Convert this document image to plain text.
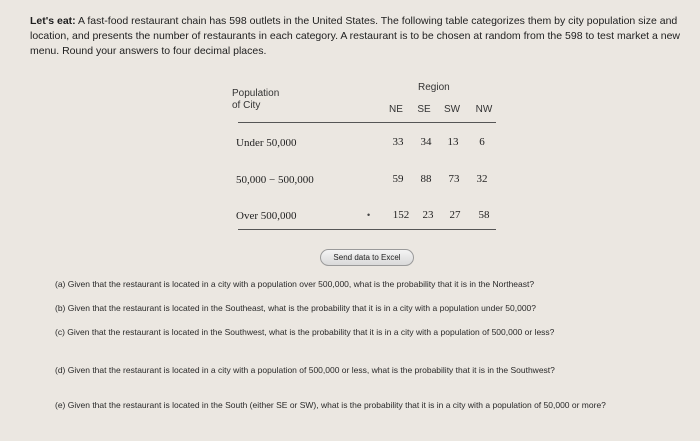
Let's eat: A fast-food restaurant chain has 598 outlets in the United States. The following table categorizes them by city population size and location, and presents the number of restaurants in each category. A restaurant is to be chosen at random from the 598 to test market a new menu. Round your answers to four decimal places.
Population
of City
Region
NE	SE	SW	NW
Under 50,000	33	34	13	6
50,000 − 500,000	59	88	73	32
Over 500,000	•	152	23	27	58
Send data to Excel
(a) Given that the restaurant is located in a city with a population over 500,000, what is the probability that it is in the Northeast?
(b) Given that the restaurant is located in the Southeast, what is the probability that it is in a city with a population under 50,000?
(c) Given that the restaurant is located in the Southwest, what is the probability that it is in a city with a population of 500,000 or less?
(d) Given that the restaurant is located in a city with a population of 500,000 or less, what is the probability that it is in the Southwest?
(e) Given that the restaurant is located in the South (either SE or SW), what is the probability that it is in a city with a population of 50,000 or more?
